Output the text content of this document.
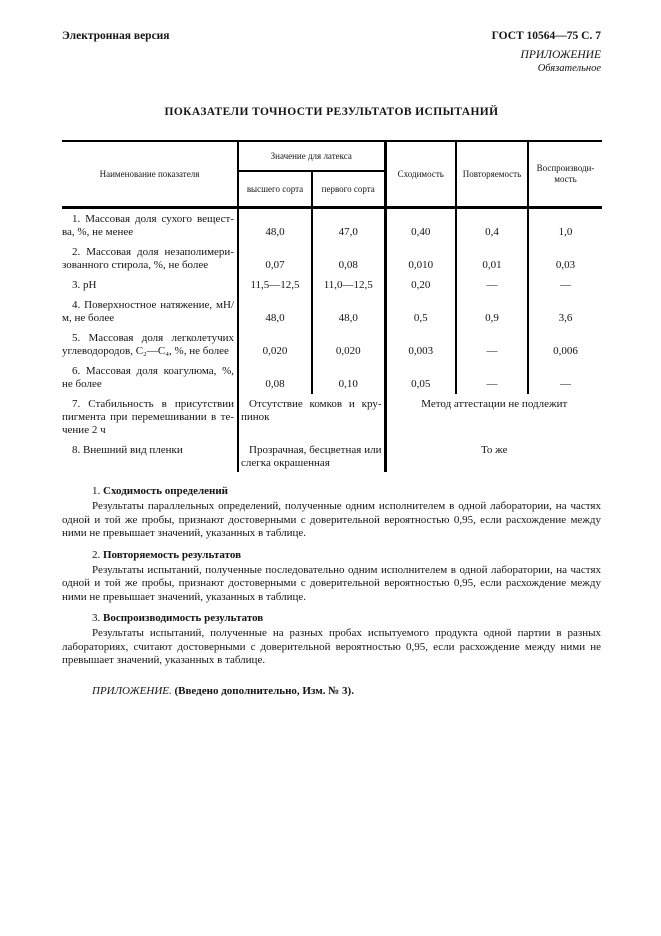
Электронная версия	ГОСТ 10564—75 С. 7
ПРИЛОЖЕНИЕ
Обязательное
ПОКАЗАТЕЛИ ТОЧНОСТИ РЕЗУЛЬТАТОВ ИСПЫТАНИЙ
Наименование показателя	Значение для латекса		Сходимость	Повторяемость	Воспроизводимость
	высшего сорта	первого сорта			
1. Массовая доля сухого вещества, %, не менее	48,0	47,0	0,40	0,4	1,0
2. Массовая доля незаполимеризованного стирола, %, не более	0,07	0,08	0,010	0,01	0,03
3. pH	11,5—12,5	11,0—12,5	0,20	—	—
4. Поверхностное натяжение, мН/м, не более	48,0	48,0	0,5	0,9	3,6
5. Массовая доля легколетучих углеводородов, С₂—С₄, %, не более	0,020	0,020	0,003	—	0,006
6. Массовая доля коагулюма, %, не более	0,08	0,10	0,05	—	—
7. Стабильность в присутствии пигмента при перемешивании в течение 2 ч	Отсутствие комков и крупинок		Метод аттестации не подлежит		
8. Внешний вид пленки	Прозрачная, бесцветная или слегка окрашенная		То же		
1. Сходимость определений

Результаты параллельных определений, полученные одним исполнителем в одной лаборатории, на частях одной и той же пробы, признают достоверными с доверительной вероятностью 0,95, если расхождение между ними не превышает значений, указанных в таблице.

2. Повторяемость результатов

Результаты испытаний, полученные последовательно одним исполнителем в одной лаборатории, на частях одной и той же пробы, признают достоверными с доверительной вероятностью 0,95, если расхождение между ними не превышает значений, указанных в таблице.

3. Воспроизводимость результатов

Результаты испытаний, полученные на разных пробах испытуемого продукта одной партии в разных лабораториях, считают достоверными с доверительной вероятностью 0,95, если расхождение между ними не превышает значений, указанных в таблице.

ПРИЛОЖЕНИЕ. (Введено дополнительно, Изм. № 3).
